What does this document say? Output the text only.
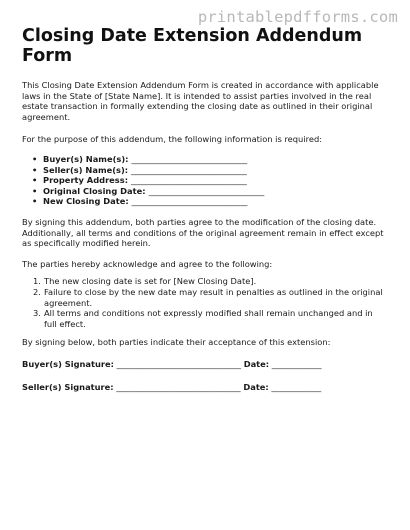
printablepdfforms.com
Closing Date Extension Addendum Form

This Closing Date Extension Addendum Form is created in accordance with applicable laws in the State of [State Name]. It is intended to assist parties involved in the real estate transaction in formally extending the closing date as outlined in their original agreement.

For the purpose of this addendum, the following information is required:

• Buyer(s) Name(s): ______________________________
• Seller(s) Name(s): ______________________________
• Property Address: ______________________________
• Original Closing Date: ______________________________
• New Closing Date: ______________________________

By signing this addendum, both parties agree to the modification of the closing date. Additionally, all terms and conditions of the original agreement remain in effect except as specifically modified herein.

The parties hereby acknowledge and agree to the following:

1. The new closing date is set for [New Closing Date].
2. Failure to close by the new date may result in penalties as outlined in the original agreement.
3. All terms and conditions not expressly modified shall remain unchanged and in full effect.

By signing below, both parties indicate their acceptance of this extension:

Buyer(s) Signature: ______________________________ Date: ____________
Seller(s) Signature: ______________________________ Date: ____________
